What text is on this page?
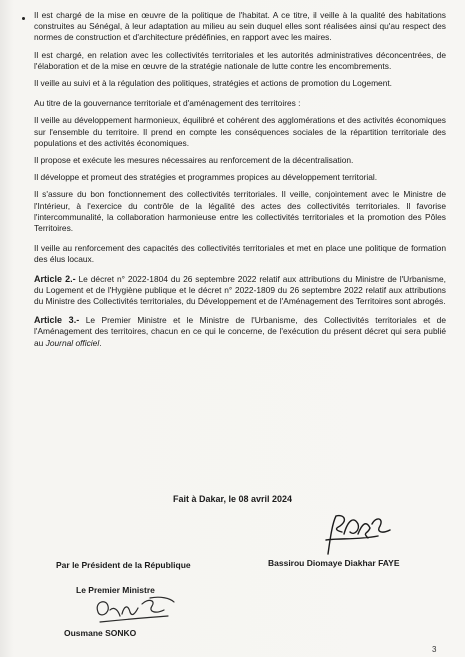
Il est chargé de la mise en œuvre de la politique de l'habitat. A ce titre, il veille à la qualité des habitations construites au Sénégal, à leur adaptation au milieu au sein duquel elles sont réalisées ainsi qu'au respect des normes de construction et d'architecture prédéfinies, en rapport avec les maires.

Il est chargé, en relation avec les collectivités territoriales et les autorités administratives déconcentrées, de l'élaboration et de la mise en œuvre de la stratégie nationale de lutte contre les encombrements.

Il veille au suivi et à la régulation des politiques, stratégies et actions de promotion du Logement.

Au titre de la gouvernance territoriale et d'aménagement des territoires :

Il veille au développement harmonieux, équilibré et cohérent des agglomérations et des activités économiques sur l'ensemble du territoire. Il prend en compte les conséquences sociales de la répartition territoriale des populations et des activités économiques.

Il propose et exécute les mesures nécessaires au renforcement de la décentralisation.

Il développe et promeut des stratégies et programmes propices au développement territorial.

Il s'assure du bon fonctionnement des collectivités territoriales. Il veille, conjointement avec le Ministre de l'Intérieur, à l'exercice du contrôle de la légalité des actes des collectivités territoriales. Il favorise l'intercommunalité, la collaboration harmonieuse entre les collectivités territoriales et la promotion des Pôles Territoires.

Il veille au renforcement des capacités des collectivités territoriales et met en place une politique de formation des élus locaux.

Article 2.- Le décret n° 2022-1804 du 26 septembre 2022 relatif aux attributions du Ministre de l'Urbanisme, du Logement et de l'Hygiène publique et le décret n° 2022-1809 du 26 septembre 2022 relatif aux attributions du Ministre des Collectivités territoriales, du Développement et de l'Aménagement des Territoires sont abrogés.

Article 3.- Le Premier Ministre et le Ministre de l'Urbanisme, des Collectivités territoriales et de l'Aménagement des territoires, chacun en ce qui le concerne, de l'exécution du présent décret qui sera publié au Journal officiel.

Fait à Dakar, le 08 avril 2024
Bassirou Diomaye Diakhar FAYE
Par le Président de la République
Le Premier Ministre
Ousmane SONKO
3
